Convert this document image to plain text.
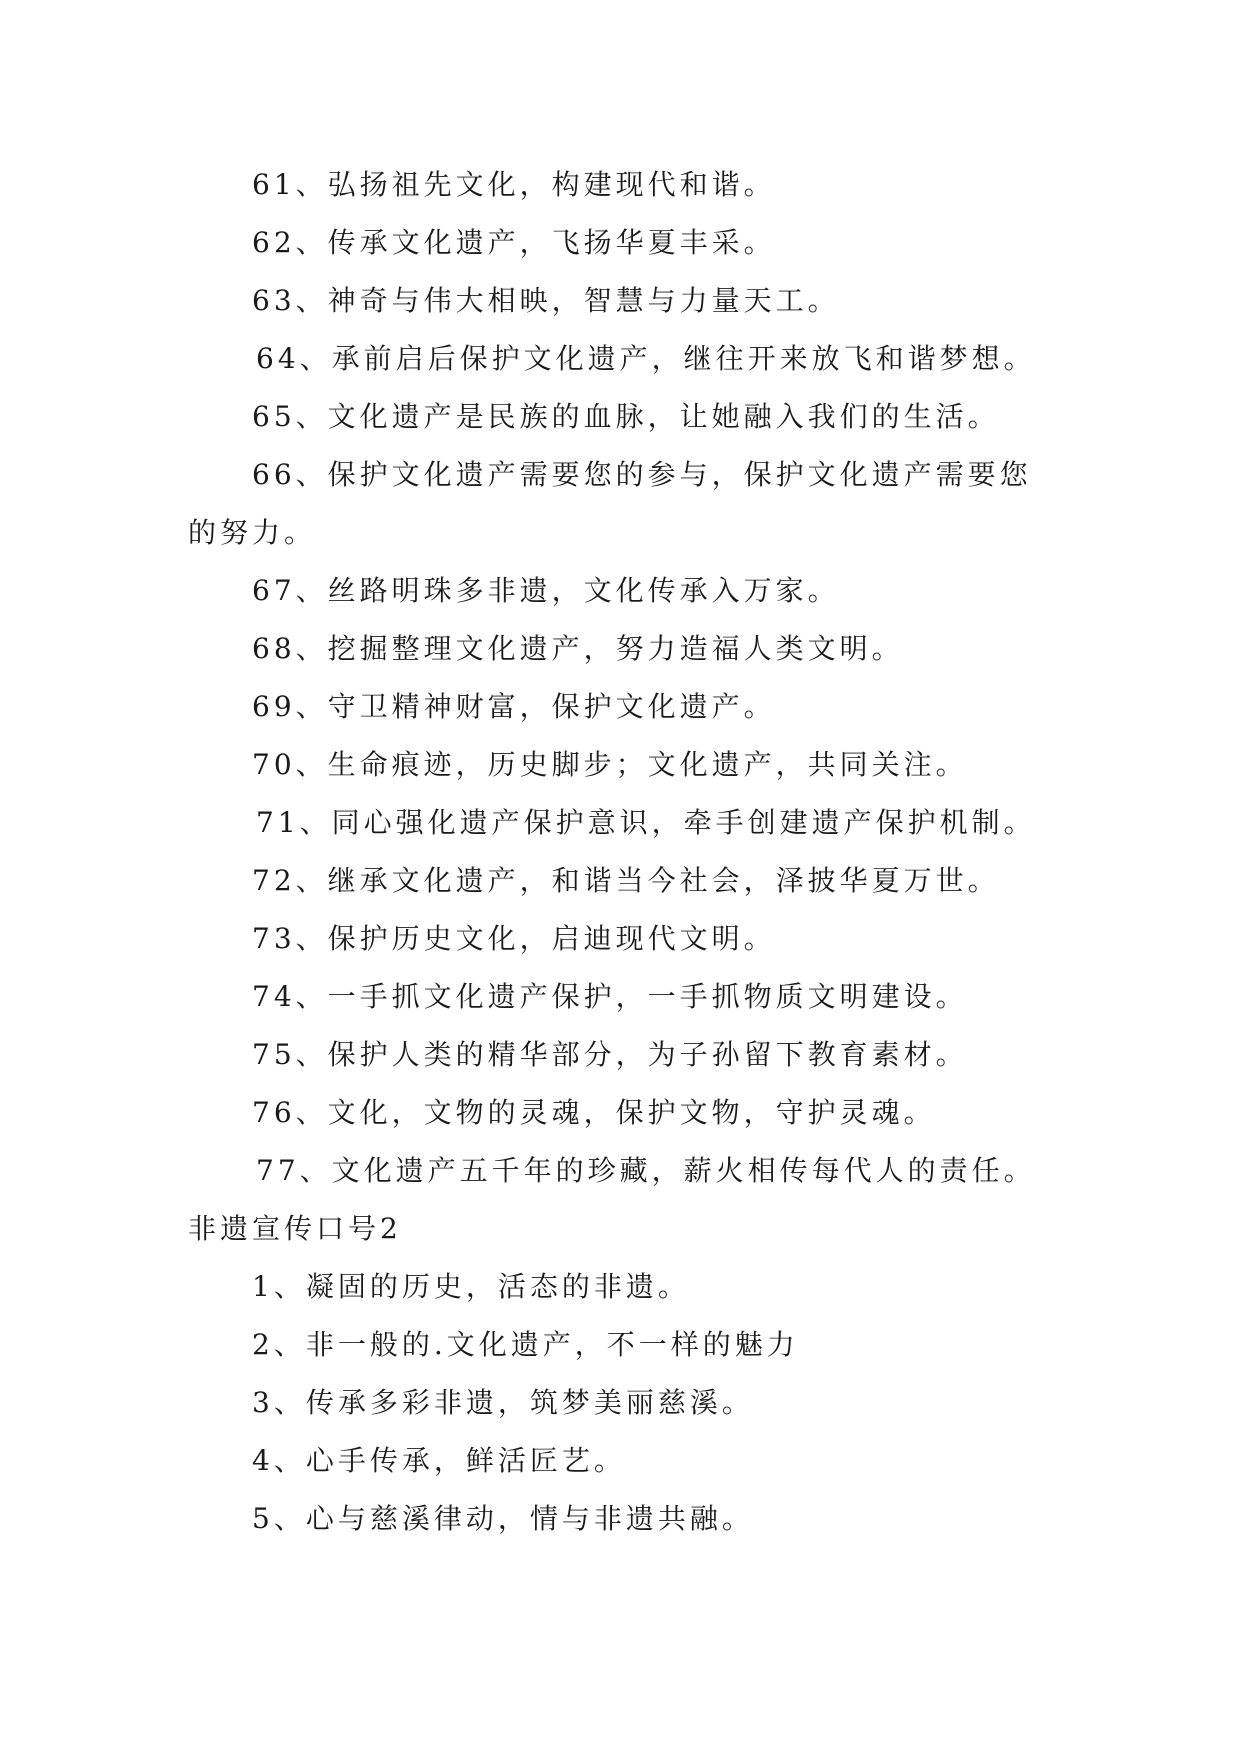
61、弘扬祖先文化，构建现代和谐。
62、传承文化遗产，飞扬华夏丰采。
63、神奇与伟大相映，智慧与力量天工。
64、承前启后保护文化遗产，继往开来放飞和谐梦想。
65、文化遗产是民族的血脉，让她融入我们的生活。
66、保护文化遗产需要您的参与，保护文化遗产需要您
的努力。
67、丝路明珠多非遗，文化传承入万家。
68、挖掘整理文化遗产，努力造福人类文明。
69、守卫精神财富，保护文化遗产。
70、生命痕迹，历史脚步；文化遗产，共同关注。
71、同心强化遗产保护意识，牵手创建遗产保护机制。
72、继承文化遗产，和谐当今社会，泽披华夏万世。
73、保护历史文化，启迪现代文明。
74、一手抓文化遗产保护，一手抓物质文明建设。
75、保护人类的精华部分，为子孙留下教育素材。
76、文化，文物的灵魂，保护文物，守护灵魂。
77、文化遗产五千年的珍藏，薪火相传每代人的责任。
非遗宣传口号2
1、凝固的历史，活态的非遗。
2、非一般的.文化遗产，不一样的魅力
3、传承多彩非遗，筑梦美丽慈溪。
4、心手传承，鲜活匠艺。
5、心与慈溪律动，情与非遗共融。
